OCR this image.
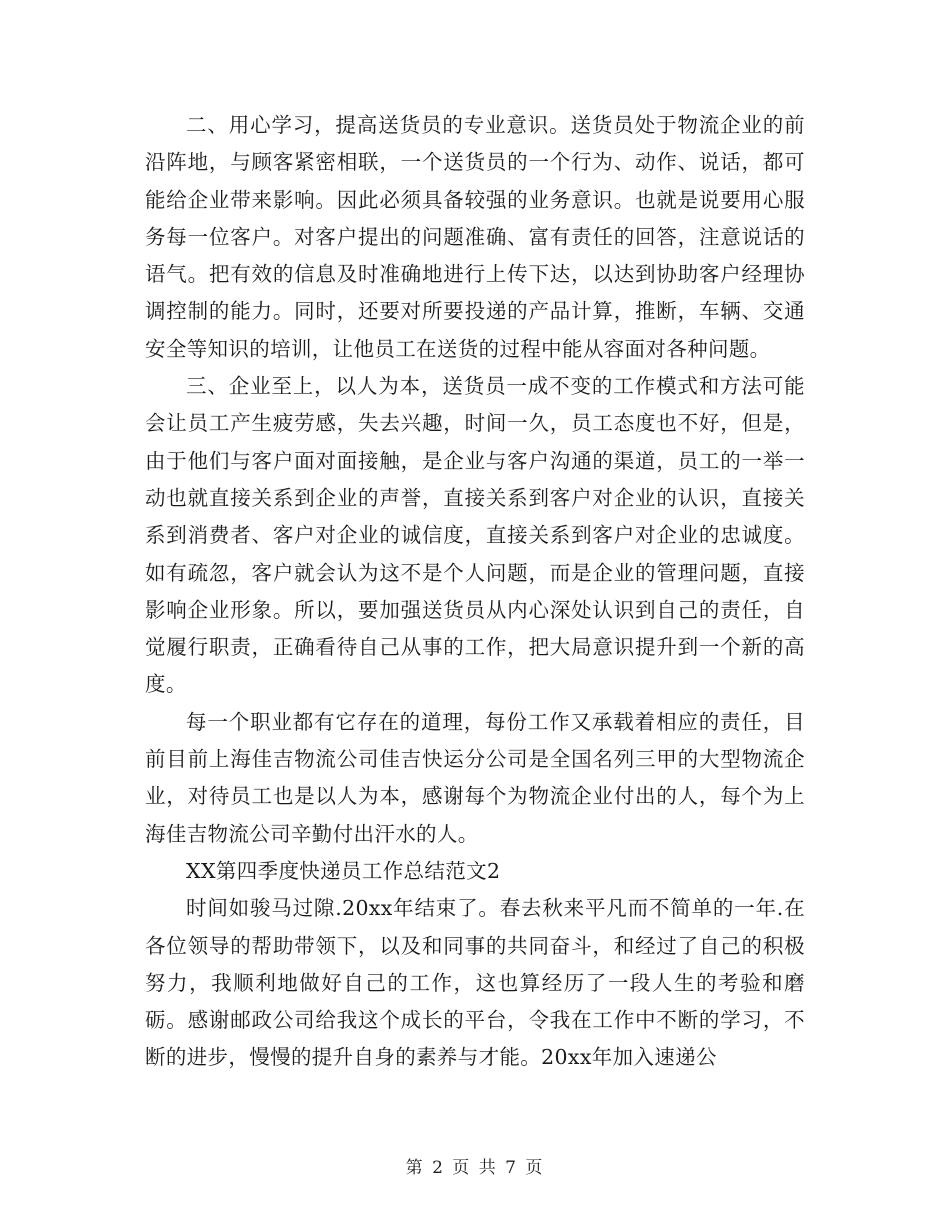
二、用心学习，提高送货员的专业意识。送货员处于物流企业的前沿阵地，与顾客紧密相联，一个送货员的一个行为、动作、说话，都可能给企业带来影响。因此必须具备较强的业务意识。也就是说要用心服务每一位客户。对客户提出的问题准确、富有责任的回答，注意说话的语气。把有效的信息及时准确地进行上传下达，以达到协助客户经理协调控制的能力。同时，还要对所要投递的产品计算，推断，车辆、交通安全等知识的培训，让他员工在送货的过程中能从容面对各种问题。

三、企业至上，以人为本，送货员一成不变的工作模式和方法可能会让员工产生疲劳感，失去兴趣，时间一久，员工态度也不好，但是，由于他们与客户面对面接触，是企业与客户沟通的渠道，员工的一举一动也就直接关系到企业的声誉，直接关系到客户对企业的认识，直接关系到消费者、客户对企业的诚信度，直接关系到客户对企业的忠诚度。如有疏忽，客户就会认为这不是个人问题，而是企业的管理问题，直接影响企业形象。所以，要加强送货员从内心深处认识到自己的责任，自觉履行职责，正确看待自己从事的工作，把大局意识提升到一个新的高度。

每一个职业都有它存在的道理，每份工作又承载着相应的责任，目前目前上海佳吉物流公司佳吉快运分公司是全国名列三甲的大型物流企业，对待员工也是以人为本，感谢每个为物流企业付出的人，每个为上海佳吉物流公司辛勤付出汗水的人。

XX第四季度快递员工作总结范文2

时间如骏马过隙.20xx年结束了。春去秋来平凡而不简单的一年.在各位领导的帮助带领下，以及和同事的共同奋斗，和经过了自己的积极努力，我顺利地做好自己的工作，这也算经历了一段人生的考验和磨砺。感谢邮政公司给我这个成长的平台，令我在工作中不断的学习，不断的进步，慢慢的提升自身的素养与才能。20xx年加入速递公

第 2 页 共 7 页
